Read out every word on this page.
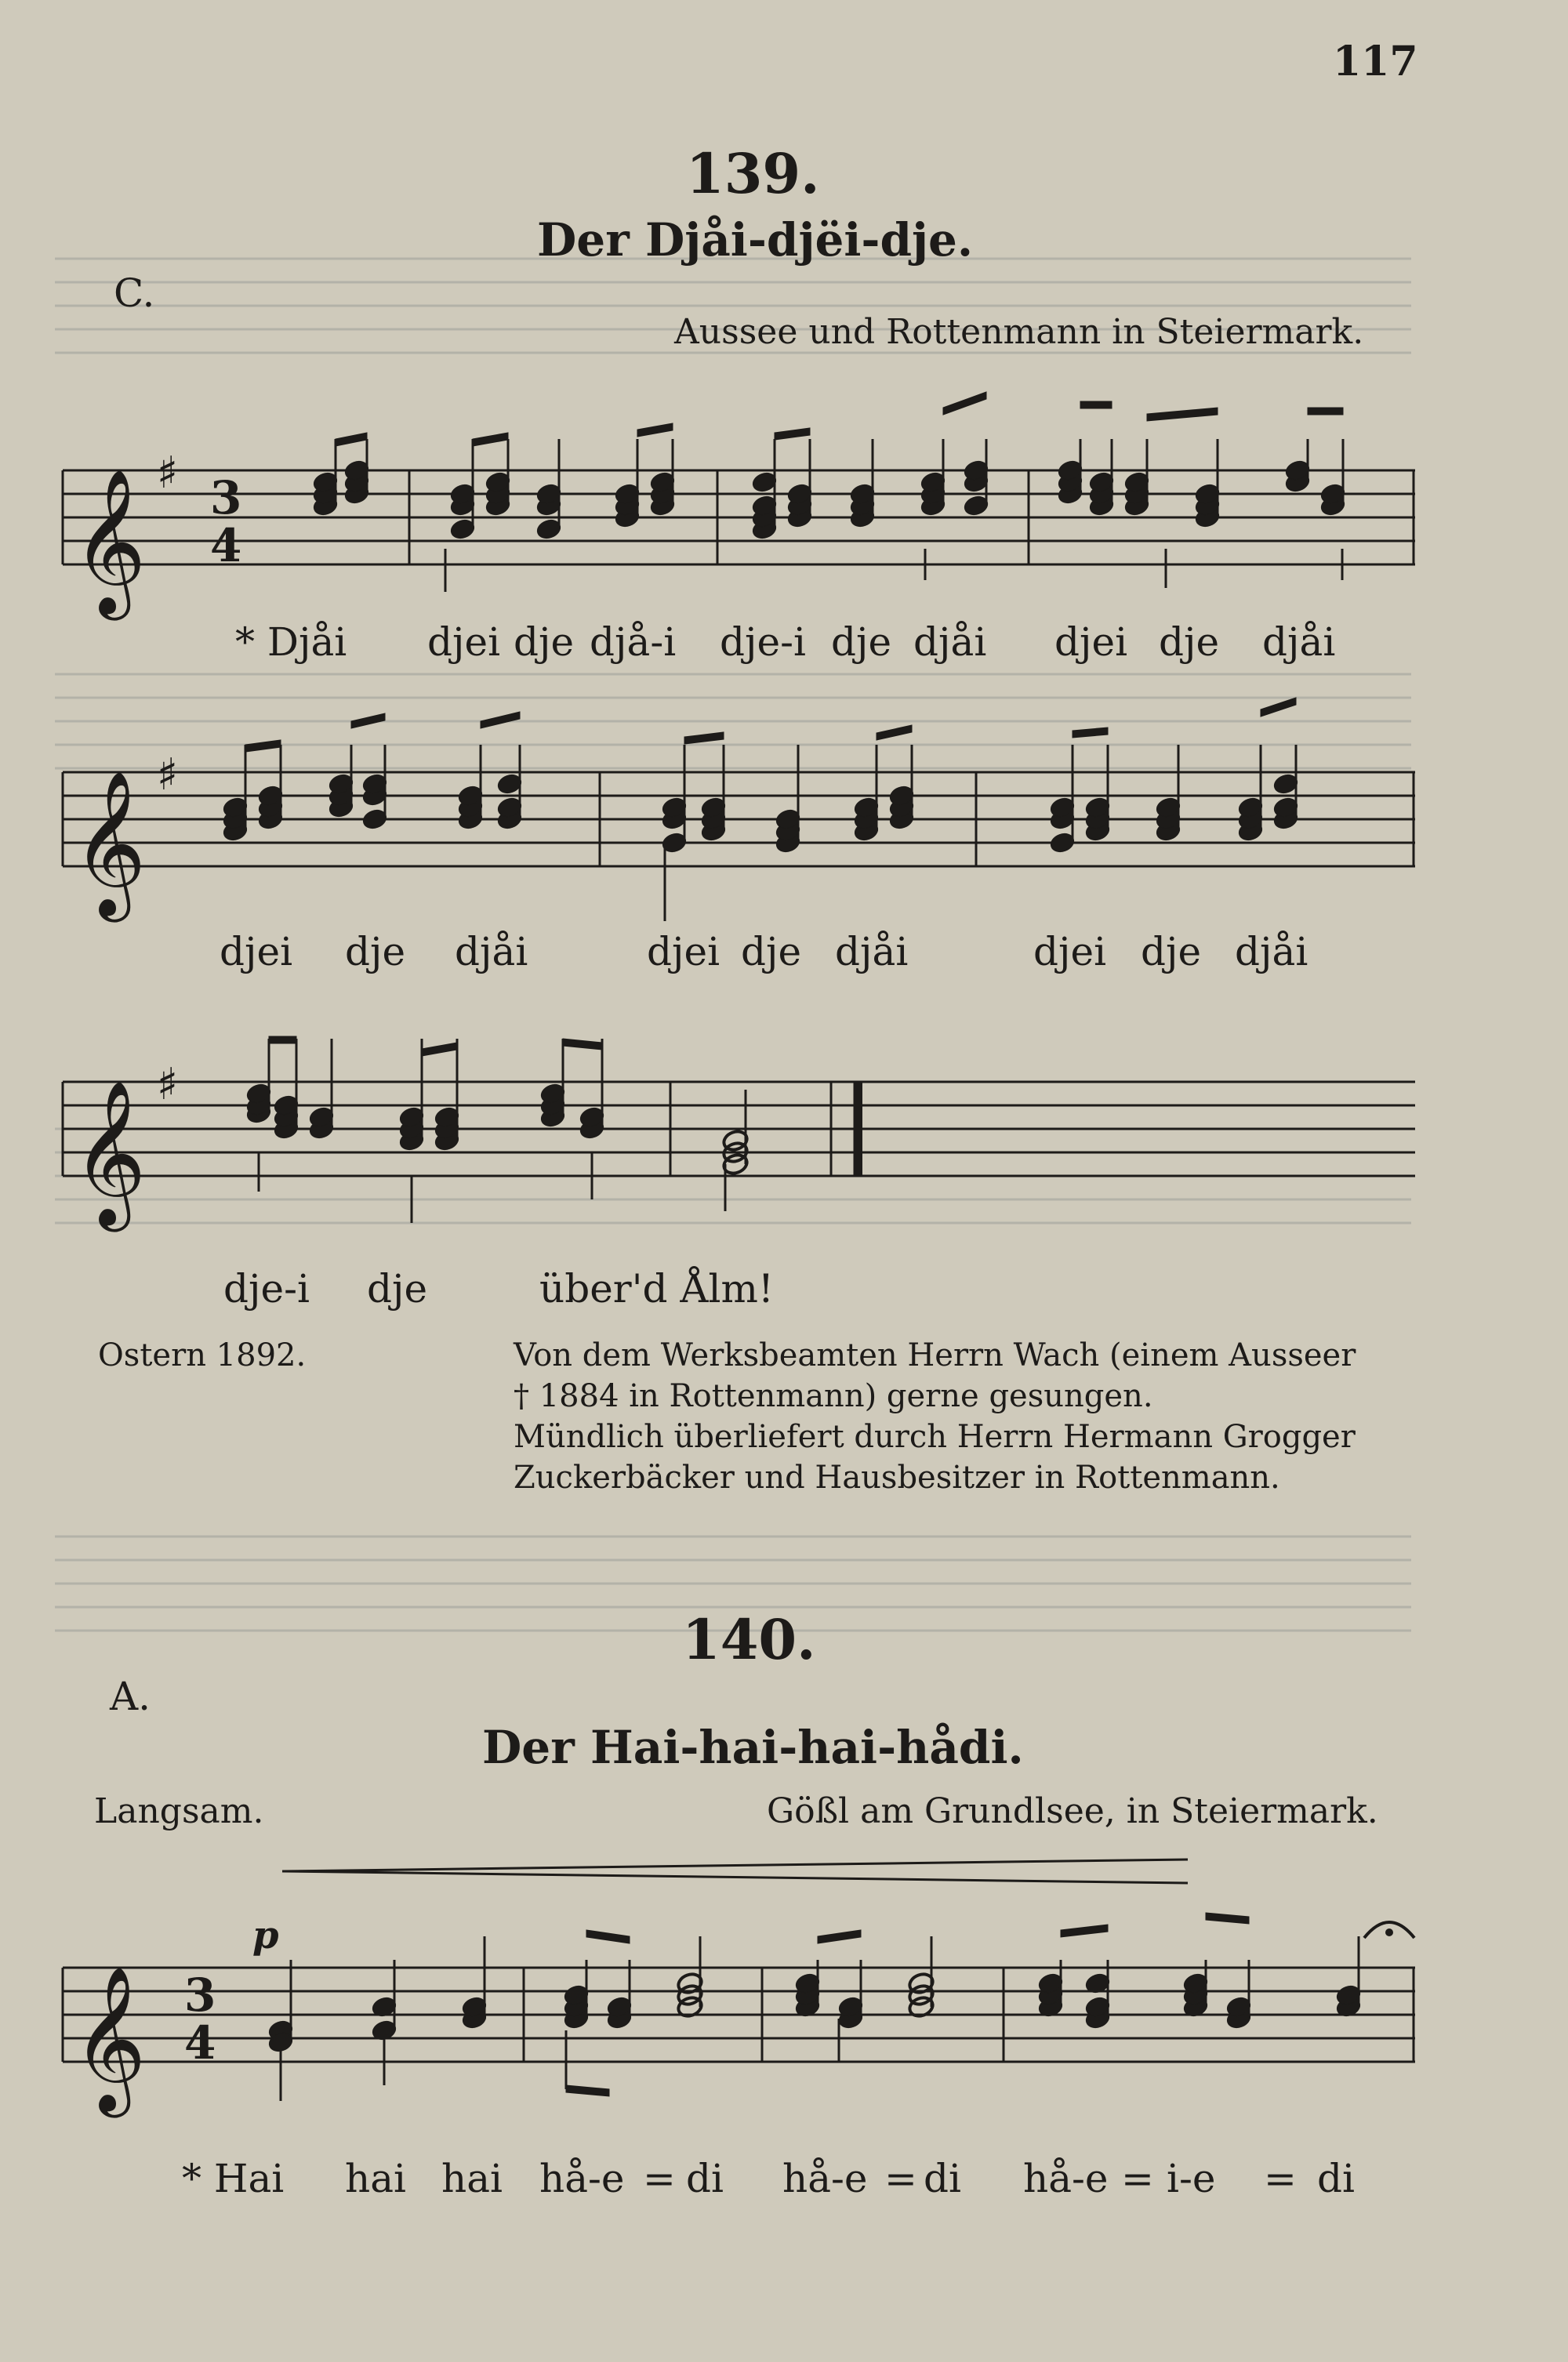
117
139.
C.
Der Djåi-djëi-dje.
Aussee und Rottenmann in Steiermark.
𝄞
𝄞
𝄞
𝄞
♯
♯
♯
3
4
3
4
p
* Djåi djei dje djå-i dje-i dje djåi djei dje djåi
djei dje djåi	djei dje djåi	djei dje djåi
dje-i dje	über'd Ålm!
Ostern 1892.	Von dem Werksbeamten Herrn Wach (einem Ausseer
† 1884 in Rottenmann) gerne gesungen.
Mündlich überliefert durch Herrn Hermann Grogger
Zuckerbäcker und Hausbesitzer in Rottenmann.
140.
A.
Der Hai-hai-hai-hådi.
Langsam.	Gößl am Grundlsee, in Steiermark.
* Hai hai hai hå-e = di hå-e = di hå-e = i-e = di
